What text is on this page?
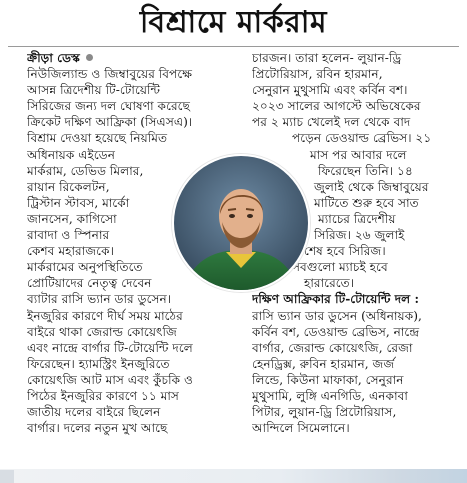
বিশ্রামে মার্করাম
ক্রীড়া ডেস্ক
নিউজিল্যান্ড ও জিম্বাবুয়ের বিপক্ষে
আসন্ন ত্রিদেশীয় টি-টোয়েন্টি
সিরিজের জন্য দল ঘোষণা করেছে
ক্রিকেট দক্ষিণ আফ্রিকা (সিএসএ)।
বিশ্রাম দেওয়া হয়েছে নিয়মিত
অধিনায়ক এইডেন
মার্করাম, ডেভিড মিলার,
রায়ান রিকেলটন,
ট্রিস্টান স্টাবস, মার্কো
জানসেন, কাগিসো
রাবাদা ও স্পিনার
কেশব মহারাজকে।
মার্করামের অনুপস্থিতিতে
প্রোটিয়াদের নেতৃত্ব দেবেন
ব্যাটার রাসি ভ্যান ডার ডুসেন।
ইনজুরির কারণে দীর্ঘ সময় মাঠের
বাইরে থাকা জেরাল্ড কোয়েৎজি
এবং নান্দ্রে বার্গার টি-টোয়েন্টি দলে
ফিরেছেন। হ্যামস্ট্রিং ইনজুরিতে
কোয়েৎজি আট মাস এবং কুঁচকি ও
পিঠের ইনজুরির কারণে ১১ মাস
জাতীয় দলের বাইরে ছিলেন
বার্গার। দলের নতুন মুখ আছে
চারজন। তারা হলেন- লুয়ান-ড্রি
প্রিটোরিয়াস, রবিন হারমান,
সেনুরান মুথুসামি এবং কর্বিন বশ।
২০২৩ সালের আগস্টে অভিষেকের
পর ২ ম্যাচ খেলেই দল থেকে বাদ
পড়েন ডেওয়াল্ড ব্রেভিস। ২১
মাস পর আবার দলে
ফিরেছেন তিনি। ১৪
জুলাই থেকে জিম্বাবুয়ের
মাটিতে শুরু হবে সাত
ম্যাচের ত্রিদেশীয়
সিরিজ। ২৬ জুলাই
শেষ হবে সিরিজ।
সবগুলো ম্যাচই হবে
হারারেতে।
দক্ষিণ আফ্রিকার টি-টোয়েন্টি দল :
রাসি ভ্যান ডার ডুসেন (অধিনায়ক),
কর্বিন বশ, ডেওয়াল্ড ব্রেভিস, নান্দ্রে
বার্গার, জেরাল্ড কোয়েৎজি, রেজা
হেনড্রিক্স, রুবিন হারমান, জর্জ
লিন্ডে, কিউনা মাফাকা, সেনুরান
মুথুসামি, লুঙ্গি এনগিডি, এনকাবা
পিটার, লুয়ান-ড্রি প্রিটোরিয়াস,
আন্দিলে সিমেলানে।
